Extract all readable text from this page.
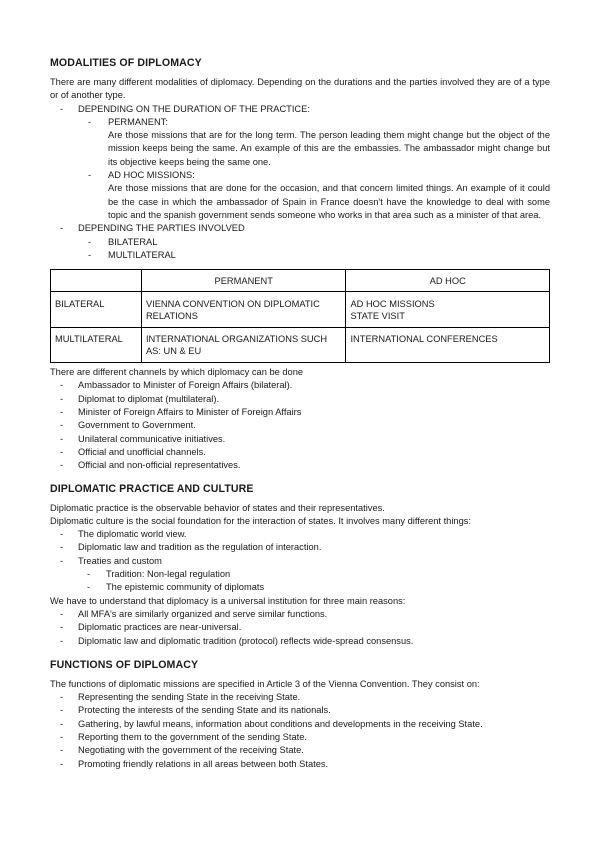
MODALITIES OF DIPLOMACY

There are many different modalities of diplomacy. Depending on the durations and the parties involved they are of a type or of another type.

- DEPENDING ON THE DURATION OF THE PRACTICE:
- PERMANENT:

Are those missions that are for the long term. The person leading them might change but the object of the mission keeps being the same. An example of this are the embassies. The ambassador might change but its objective keeps being the same one.

- AD HOC MISSIONS:

Are those missions that are done for the occasion, and that concern limited things. An example of it could be the case in which the ambassador of Spain in France doesn't have the knowledge to deal with some topic and the spanish government sends someone who works in that area such as a minister of that area.

- DEPENDING THE PARTIES INVOLVED
- BILATERAL
- MULTILATERAL
	PERMANENT	AD HOC
BILATERAL	VIENNA CONVENTION ON DIPLOMATIC RELATIONS	AD HOC MISSIONS
STATE VISIT

MULTILATERAL	INTERNATIONAL ORGANIZATIONS SUCH AS: UN & EU	INTERNATIONAL CONFERENCES

There are different channels by which diplomacy can be done

- Ambassador to Minister of Foreign Affairs (bilateral).
- Diplomat to diplomat (multilateral).
- Minister of Foreign Affairs to Minister of Foreign Affairs
- Government to Government.
- Unilateral communicative initiatives.
- Official and unofficial channels.
- Official and non-official representatives.
DIPLOMATIC PRACTICE AND CULTURE

Diplomatic practice is the observable behavior of states and their representatives.

Diplomatic culture is the social foundation for the interaction of states. It involves many different things:

- The diplomatic world view.
- Diplomatic law and tradition as the regulation of interaction.
- Treaties and custom
- Tradition: Non-legal regulation
- The epistemic community of diplomats

We have to understand that diplomacy is a universal institution for three main reasons:

- All MFA's are similarly organized and serve similar functions.
- Diplomatic practices are near-universal.
- Diplomatic law and diplomatic tradition (protocol) reflects wide-spread consensus.
FUNCTIONS OF DIPLOMACY

The functions of diplomatic missions are specified in Article 3 of the Vienna Convention. They consist on:

- Representing the sending State in the receiving State.
- Protecting the interests of the sending State and its nationals.
- Gathering, by lawful means, information about conditions and developments in the receiving State.
- Reporting them to the government of the sending State.
- Negotiating with the government of the receiving State.
- Promoting friendly relations in all areas between both States.
